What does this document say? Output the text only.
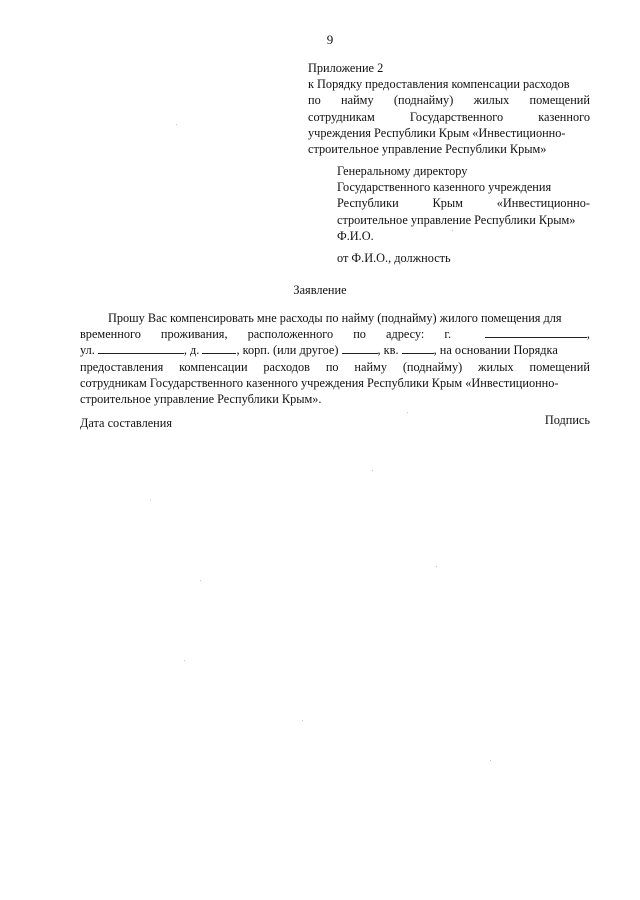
9
Приложение 2
к Порядку предоставления компенсации расходов
по найму (поднайму) жилых помещений
сотрудникам	Государственного	казенного
учреждения Республики Крым «Инвестиционно-
строительное управление Республики Крым»
Генеральному директору
Государственного казенного учреждения
Республики	Крым	«Инвестиционно-
строительное управление Республики Крым»
Ф.И.О.
от Ф.И.О., должность
Заявление
Прошу Вас компенсировать мне расходы по найму (поднайму) жилого помещения для
временного проживания, расположенного по адресу: г.	,
ул.	, д.	, корп. (или другое)	, кв.	, на основании Порядка
предоставления компенсации расходов по найму (поднайму) жилых помещений
сотрудникам Государственного казенного учреждения Республики Крым «Инвестиционно-
строительное управление Республики Крым».
Дата составления	Подпись
